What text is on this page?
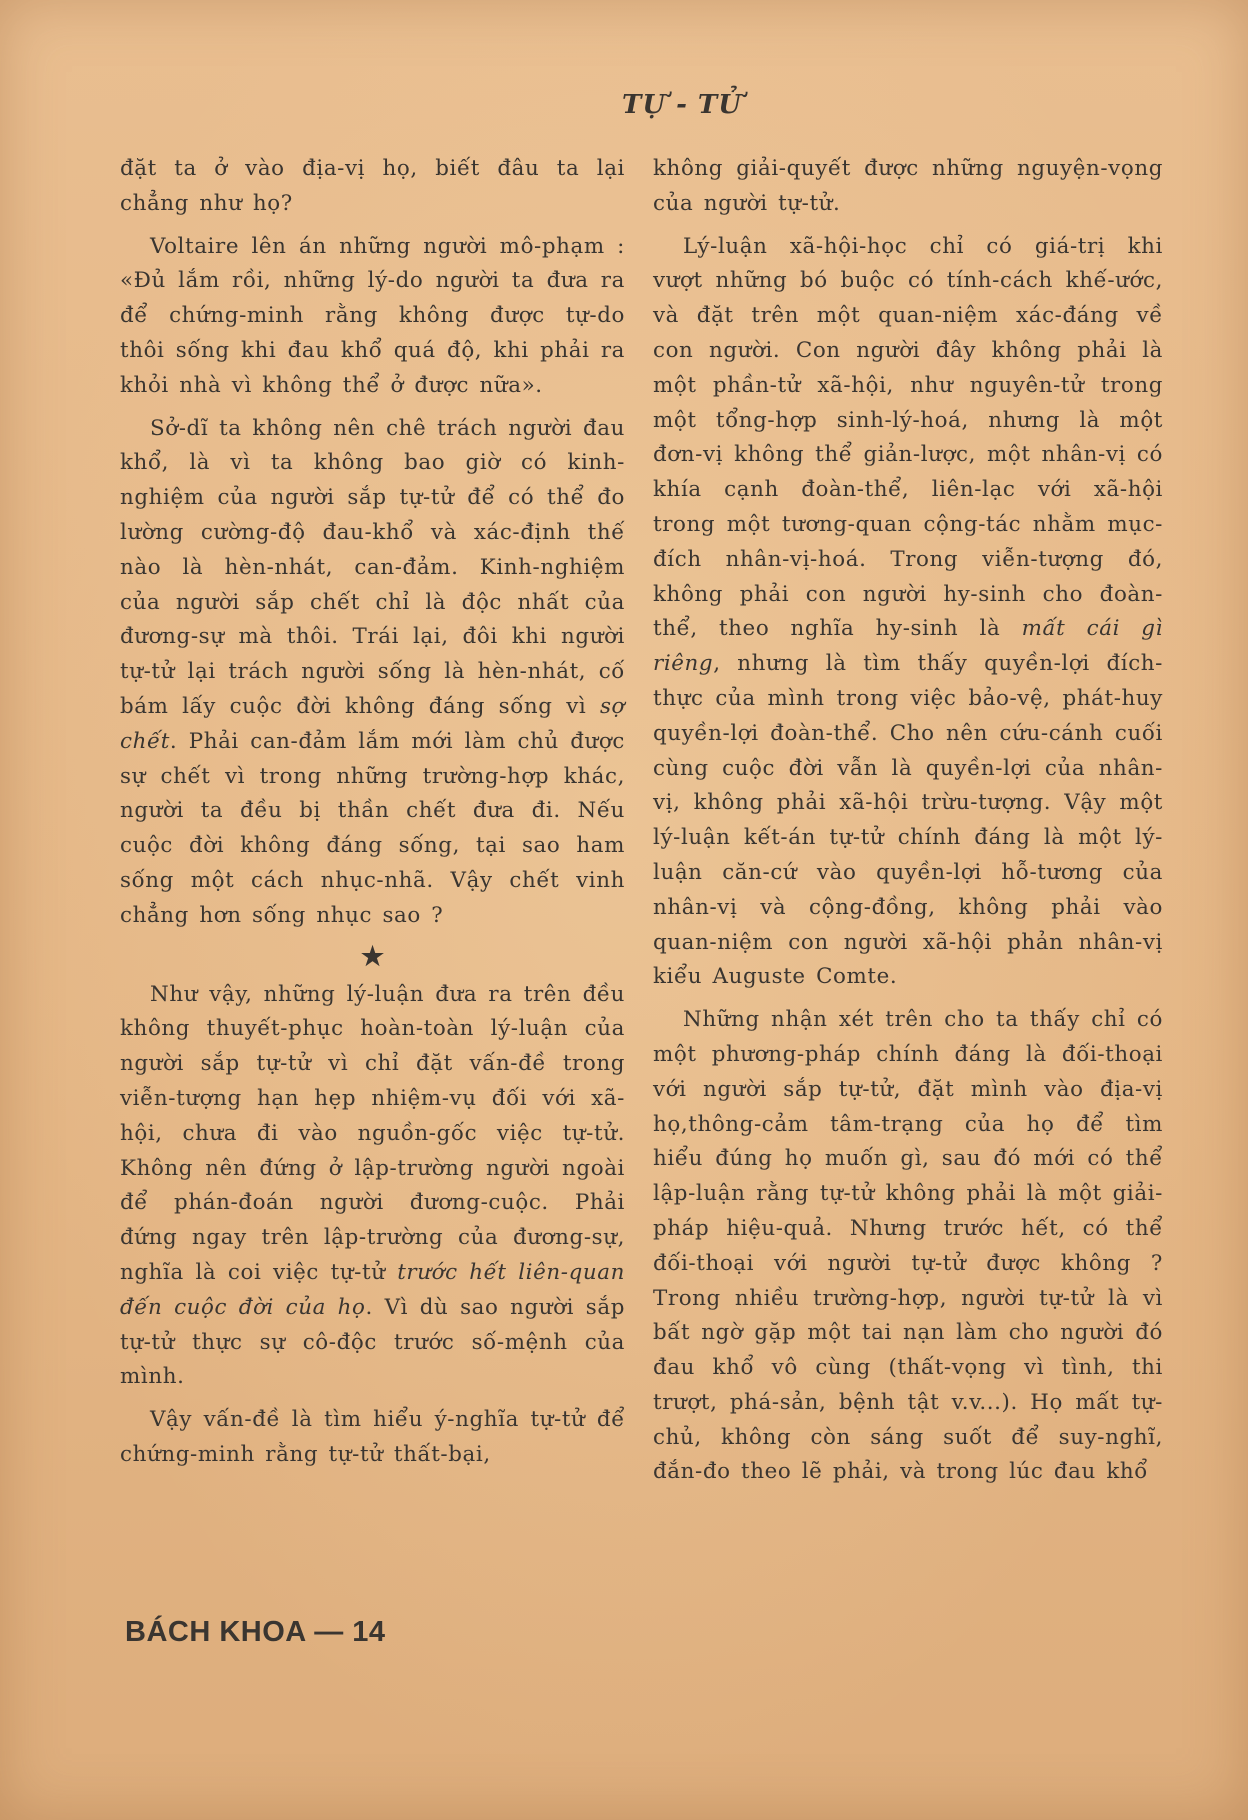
TỰ - TỬ

đặt ta ở vào địa-vị họ, biết đâu ta lại chẳng như họ?

Voltaire lên án những người mô-phạm : «Đủ lắm rồi, những lý-do người ta đưa ra để chứng-minh rằng không được tự-do thôi sống khi đau khổ quá độ, khi phải ra khỏi nhà vì không thể ở được nữa».

Sở-dĩ ta không nên chê trách người đau khổ, là vì ta không bao giờ có kinh-nghiệm của người sắp tự-tử để có thể đo lường cường-độ đau-khổ và xác-định thế nào là hèn-nhát, can-đảm. Kinh-nghiệm của người sắp chết chỉ là độc nhất của đương-sự mà thôi. Trái lại, đôi khi người tự-tử lại trách người sống là hèn-nhát, cố bám lấy cuộc đời không đáng sống vì sợ chết. Phải can-đảm lắm mới làm chủ được sự chết vì trong những trường-hợp khác, người ta đều bị thần chết đưa đi. Nếu cuộc đời không đáng sống, tại sao ham sống một cách nhục-nhã. Vậy chết vinh chẳng hơn sống nhục sao ?

★

Như vậy, những lý-luận đưa ra trên đều không thuyết-phục hoàn-toàn lý-luận của người sắp tự-tử vì chỉ đặt vấn-đề trong viễn-tượng hạn hẹp nhiệm-vụ đối với xã-hội, chưa đi vào nguồn-gốc việc tự-tử. Không nên đứng ở lập-trường người ngoài để phán-đoán người đương-cuộc. Phải đứng ngay trên lập-trường của đương-sự, nghĩa là coi việc tự-tử trước hết liên-quan đến cuộc đời của họ. Vì dù sao người sắp tự-tử thực sự cô-độc trước số-mệnh của mình.

Vậy vấn-đề là tìm hiểu ý-nghĩa tự-tử để chứng-minh rằng tự-tử thất-bại,

không giải-quyết được những nguyện-vọng của người tự-tử.

Lý-luận xã-hội-học chỉ có giá-trị khi vượt những bó buộc có tính-cách khế-ước, và đặt trên một quan-niệm xác-đáng về con người. Con người đây không phải là một phần-tử xã-hội, như nguyên-tử trong một tổng-hợp sinh-lý-hoá, nhưng là một đơn-vị không thể giản-lược, một nhân-vị có khía cạnh đoàn-thể, liên-lạc với xã-hội trong một tương-quan cộng-tác nhằm mục-đích nhân-vị-hoá. Trong viễn-tượng đó, không phải con người hy-sinh cho đoàn-thể, theo nghĩa hy-sinh là mất cái gì riêng, nhưng là tìm thấy quyền-lợi đích-thực của mình trong việc bảo-vệ, phát-huy quyền-lợi đoàn-thể. Cho nên cứu-cánh cuối cùng cuộc đời vẫn là quyền-lợi của nhân-vị, không phải xã-hội trừu-tượng. Vậy một lý-luận kết-án tự-tử chính đáng là một lý-luận căn-cứ vào quyền-lợi hỗ-tương của nhân-vị và cộng-đồng, không phải vào quan-niệm con người xã-hội phản nhân-vị kiểu Auguste Comte.

Những nhận xét trên cho ta thấy chỉ có một phương-pháp chính đáng là đối-thoại với người sắp tự-tử, đặt mình vào địa-vị họ,thông-cảm tâm-trạng của họ để tìm hiểu đúng họ muốn gì, sau đó mới có thể lập-luận rằng tự-tử không phải là một giải-pháp hiệu-quả. Nhưng trước hết, có thể đối-thoại với người tự-tử được không ? Trong nhiều trường-hợp, người tự-tử là vì bất ngờ gặp một tai nạn làm cho người đó đau khổ vô cùng (thất-vọng vì tình, thi trượt, phá-sản, bệnh tật v.v...). Họ mất tự-chủ, không còn sáng suốt để suy-nghĩ, đắn-đo theo lẽ phải, và trong lúc đau khổ

BÁCH KHOA — 14
